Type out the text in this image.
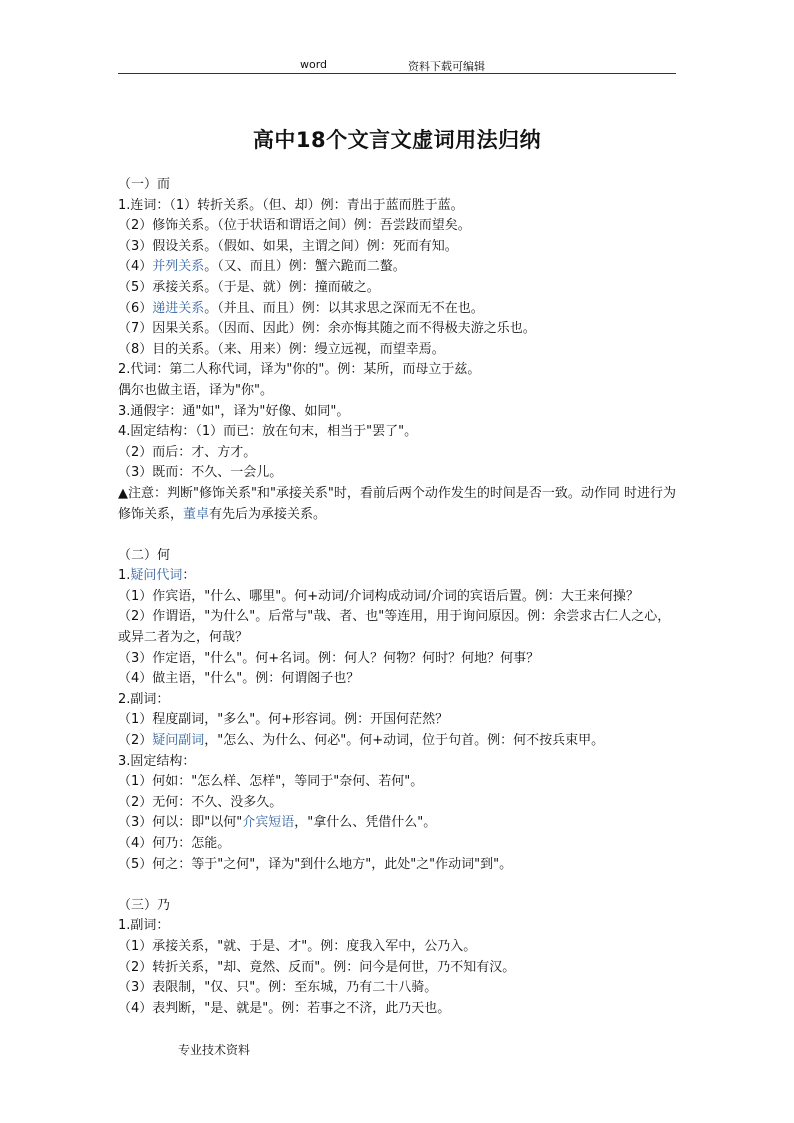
word	资料下载可编辑
高中18个文言文虚词用法归纳

（一）而

1.连词：（1）转折关系。（但、却）例：青出于蓝而胜于蓝。

（2）修饰关系。（位于状语和谓语之间）例：吾尝跂而望矣。

（3）假设关系。（假如、如果，主谓之间）例：死而有知。

（4）并列关系。（又、而且）例：蟹六跪而二螯。

（5）承接关系。（于是、就）例：撞而破之。

（6）递进关系。（并且、而且）例：以其求思之深而无不在也。

（7）因果关系。（因而、因此）例：余亦悔其随之而不得极夫游之乐也。

（8）目的关系。（来、用来）例：缦立远视，而望幸焉。

2.代词：第二人称代词，译为"你的"。例：某所，而母立于兹。

偶尔也做主语，译为"你"。

3.通假字：通"如"，译为"好像、如同"。

4.固定结构：（1）而已：放在句末，相当于"罢了"。

（2）而后：才、方才。

（3）既而：不久、一会儿。

▲注意：判断"修饰关系"和"承接关系"时，看前后两个动作发生的时间是否一致。动作同 时进行为修饰关系，董卓有先后为承接关系。

（二）何

1.疑问代词：

（1）作宾语，"什么、哪里"。何+动词/介词构成动词/介词的宾语后置。例：大王来何操？

（2）作谓语，"为什么"。后常与"哉、者、也"等连用，用于询问原因。例：余尝求古仁人之心，或异二者为之，何哉？

（3）作定语，"什么"。何+名词。例：何人？何物？何时？何地？何事？

（4）做主语，"什么"。例：何谓阁子也？

2.副词：

（1）程度副词，"多么"。何+形容词。例：开国何茫然？

（2）疑问副词，"怎么、为什么、何必"。何+动词，位于句首。例：何不按兵束甲。

3.固定结构：

（1）何如："怎么样、怎样"，等同于"奈何、若何"。

（2）无何：不久、没多久。

（3）何以：即"以何"介宾短语，"拿什么、凭借什么"。

（4）何乃：怎能。

（5）何之：等于"之何"，译为"到什么地方"，此处"之"作动词"到"。

（三）乃

1.副词：

（1）承接关系，"就、于是、才"。例：度我入军中，公乃入。

（2）转折关系，"却、竟然、反而"。例：问今是何世，乃不知有汉。

（3）表限制，"仅、只"。例：至东城，乃有二十八骑。

（4）表判断，"是、就是"。例：若事之不济，此乃天也。

专业技术资料
